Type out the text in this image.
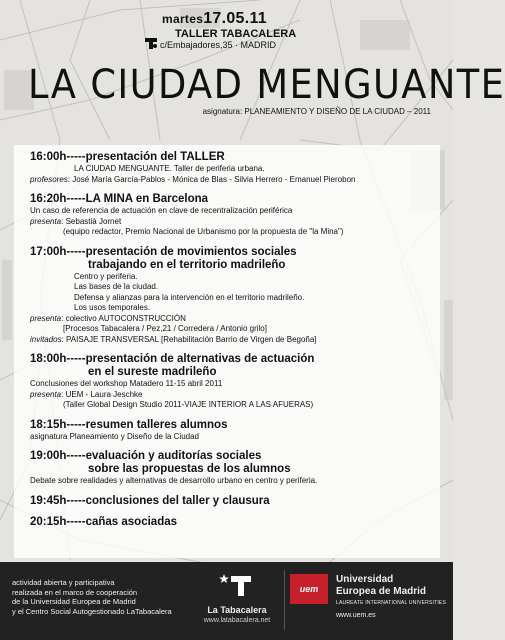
martes17.05.11
TALLER TABACALERA
c/Embajadores,35 · MADRID
LA CIUDAD MENGUANTE
asignatura: PLANEAMIENTO Y DISEÑO DE LA CIUDAD – 2011
16:00h-----presentación del TALLER
LA CIUDAD MENGUANTE. Taller de periferia urbana.
profesores: José María García-Pablos - Mónica de Blas - Silvia Herrero - Emanuel Pierobon
16:20h-----LA MINA en Barcelona
Un caso de referencia de actuación en clave de recentralización periférica
presenta: Sebastià Jornet
(equipo redactor, Premio Nacional de Urbanismo por la propuesta de "la Mina")
17:00h-----presentación de movimientos sociales
trabajando en el territorio madrileño
Centro y periferia.
Las bases de la ciudad.
Defensa y alianzas para la intervención en el territorio madrileño.
Los usos temporales.
presenta: colectivo AUTOCONSTRUCCIÓN
[Procesos Tabacalera / Pez,21 / Corredera / Antonio grilo]
invitados: PAISAJE TRANSVERSAL [Rehabilitación Barrio de Virgen de Begoña]
18:00h-----presentación de alternativas de actuación
en el sureste madrileño
Conclusiones del workshop Matadero 11-15 abril 2011
presenta: UEM - Laura Jeschke
(Taller Global Design Studio 2011-VIAJE INTERIOR A LAS AFUERAS)
18:15h-----resumen talleres alumnos
asignatura Planeamiento y Diseño de la Ciudad
19:00h-----evaluación y auditorías sociales
sobre las propuestas de los alumnos
Debate sobre realidades y alternativas de desarrollo urbano en centro y periferia.
19:45h-----conclusiones del taller y clausura
20:15h-----cañas asociadas
actividad abierta y participativa
realizada en el marco de cooperación
de la Universidad Europea de Madrid
y el Centro Social Autogestionado LaTabacalera	La Tabacalera
www.latabacalera.net
uem
Universidad
Europea de Madrid
LAUREATE INTERNATIONAL UNIVERSITIES
www.uem.es
